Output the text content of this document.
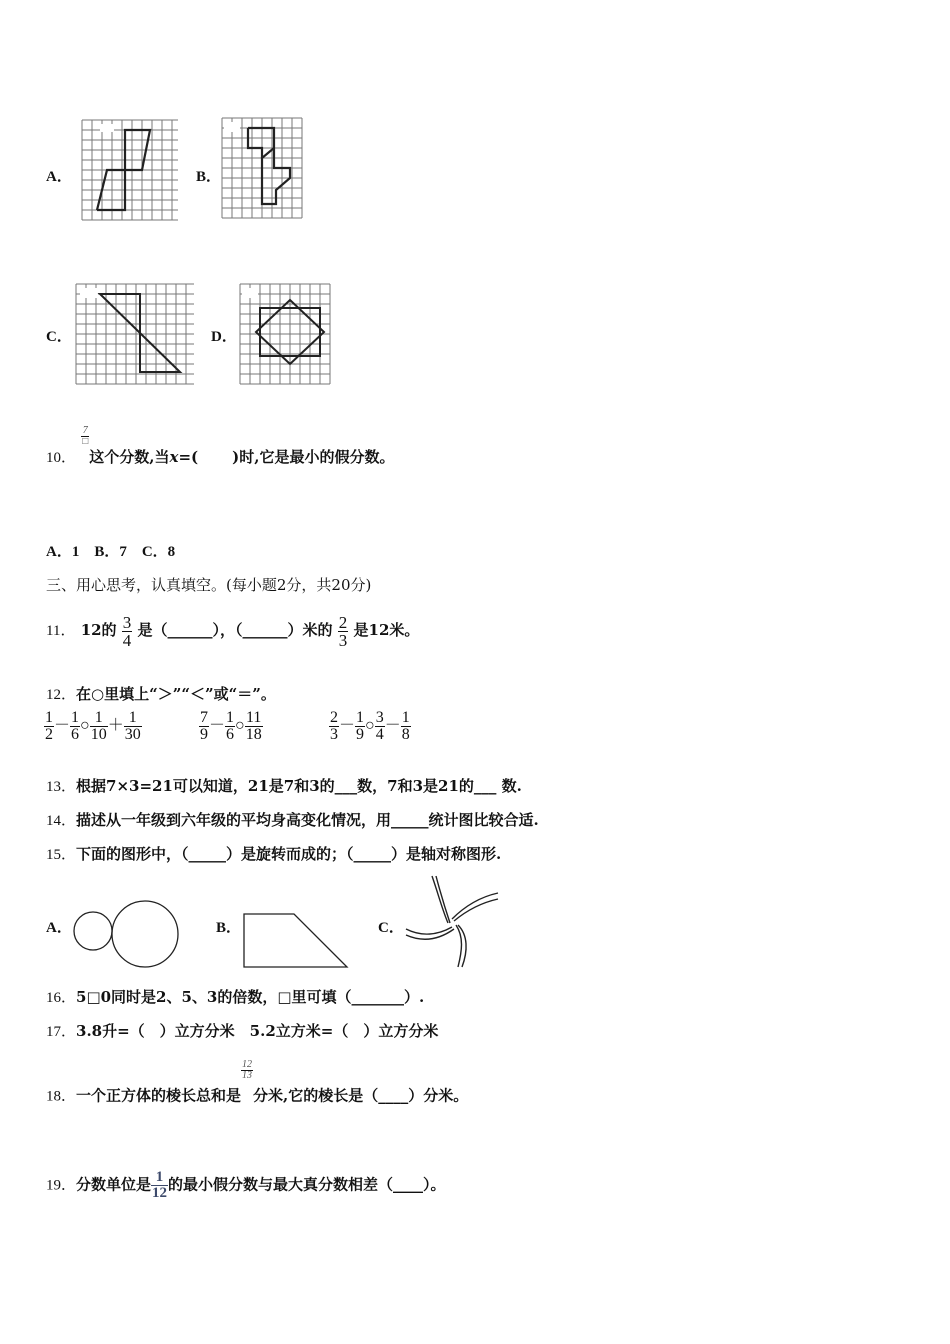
A．	B．
C．	D．
10．
$\frac{7}{□}$
这个分数,当x=( )时,它是最小的假分数。
A．1　B．7　C．8
三、用心思考，认真填空。(每小题2分，共20分)
11． 12的 $\frac{3}{4}$ 是（______），（______）米的 $\frac{2}{3}$ 是12米。
12．在○里填上“＞”“＜”或“＝”。
$\frac{1}{2} - \frac{1}{6}$ ○ $\frac{1}{10} + \frac{1}{30}$	$\frac{7}{9} - \frac{1}{6}$ ○ $\frac{11}{18}$	$\frac{2}{3} - \frac{1}{9}$ ○ $\frac{3}{4} - \frac{1}{8}$
13．根据7×3=21可以知道，21是7和3的___数，7和3是21的___ 数.
14．描述从一年级到六年级的平均身高变化情况，用_____统计图比较合适.
15．下面的图形中，（_____）是旋转而成的；（_____）是轴对称图形.
A．	B．	C．
16．5□0同时是2、5、3的倍数，□里可填（_______）.
17．3.8升=（　）立方分米　5.2立方米=（　）立方分米
18．一个正方体的棱长总和是
$\frac{12}{13}$
分米,它的棱长是（____）分米。
19．分数单位是 $\frac{1}{12}$ 的最小假分数与最大真分数相差（____）。
